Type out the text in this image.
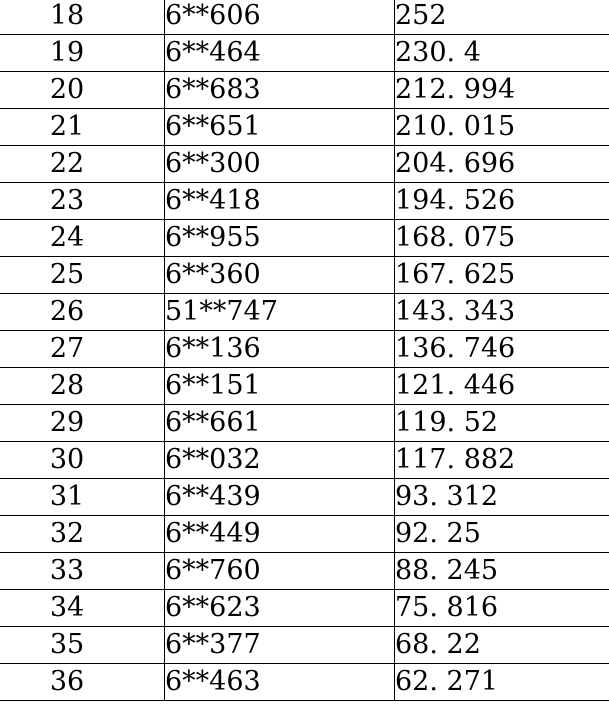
18	6**606	252
19	6**464	230. 4
20	6**683	212. 994
21	6**651	210. 015
22	6**300	204. 696
23	6**418	194. 526
24	6**955	168. 075
25	6**360	167. 625
26	51**747	143. 343
27	6**136	136. 746
28	6**151	121. 446
29	6**661	119. 52
30	6**032	117. 882
31	6**439	93. 312
32	6**449	92. 25
33	6**760	88. 245
34	6**623	75. 816
35	6**377	68. 22
36	6**463	62. 271
